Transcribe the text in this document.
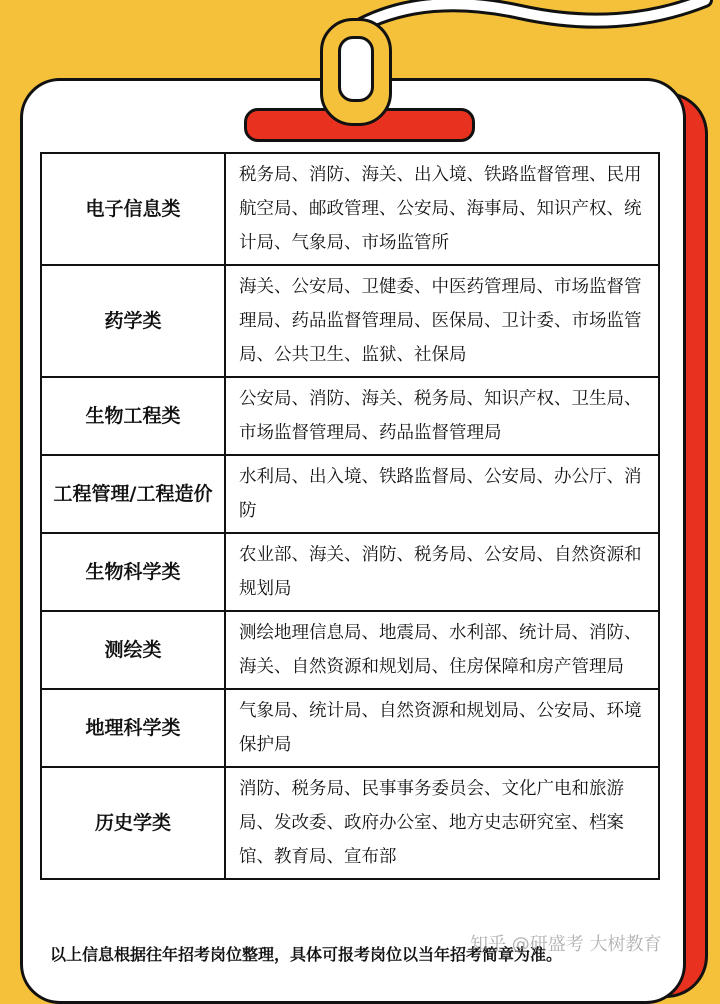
电子信息类	税务局、消防、海关、出入境、铁路监督管理、民用航空局、邮政管理、公安局、海事局、知识产权、统计局、气象局、市场监管所
药学类	海关、公安局、卫健委、中医药管理局、市场监督管理局、药品监督管理局、医保局、卫计委、市场监管局、公共卫生、监狱、社保局
生物工程类	公安局、消防、海关、税务局、知识产权、卫生局、市场监督管理局、药品监督管理局
工程管理/工程造价	水利局、出入境、铁路监督局、公安局、办公厅、消防
生物科学类	农业部、海关、消防、税务局、公安局、自然资源和规划局
测绘类	测绘地理信息局、地震局、水利部、统计局、消防、海关、自然资源和规划局、住房保障和房产管理局
地理科学类	气象局、统计局、自然资源和规划局、公安局、环境保护局
历史学类	消防、税务局、民事事务委员会、文化广电和旅游局、发改委、政府办公室、地方史志研究室、档案馆、教育局、宣布部
以上信息根据往年招考岗位整理，具体可报考岗位以当年招考简章为准。
知乎 @研盛考 大树教育
